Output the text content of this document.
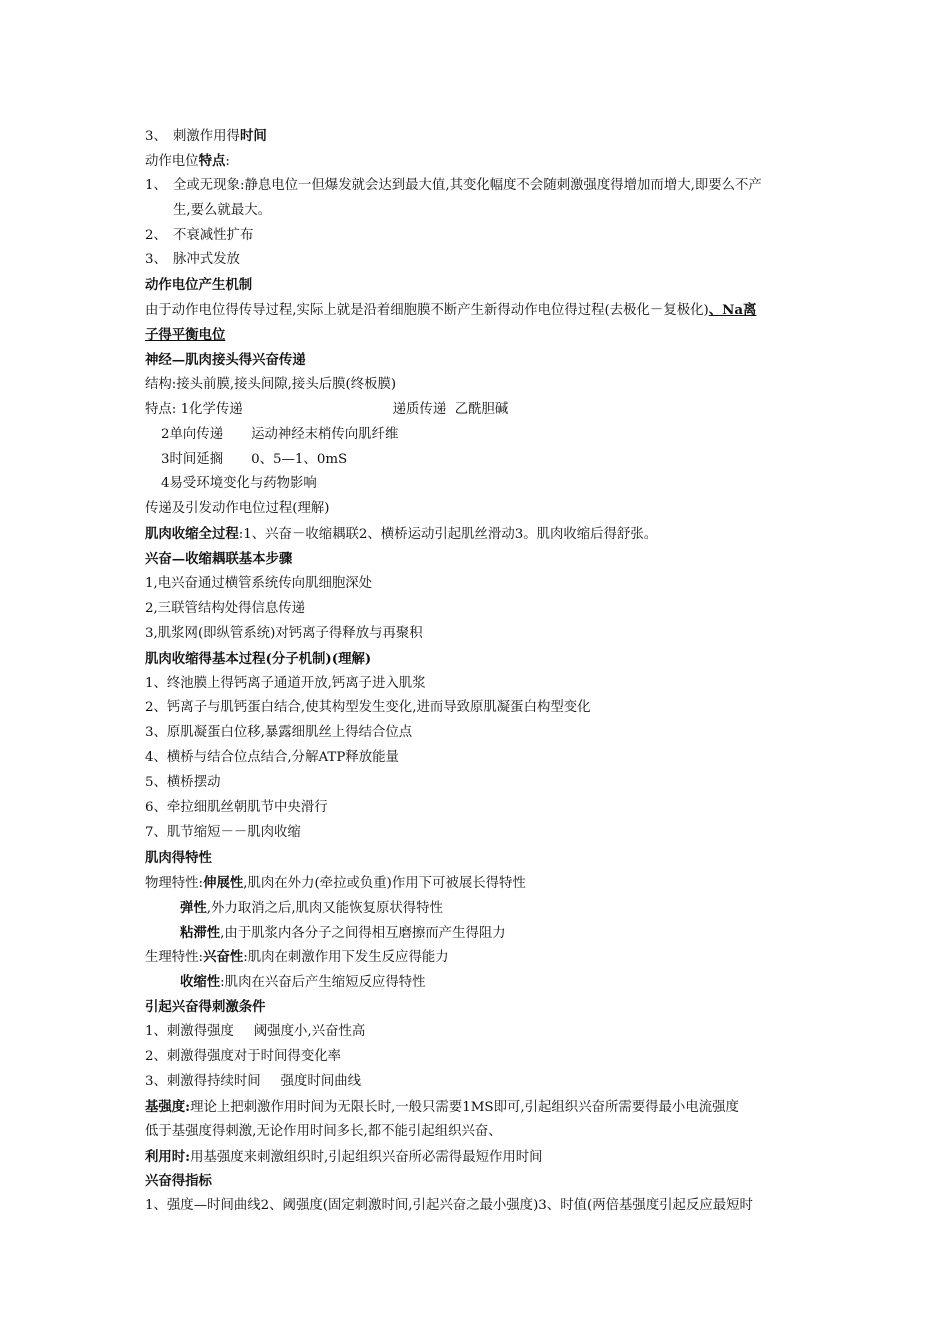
3、 刺激作用得时间
动作电位特点:
1、 全或无现象:静息电位一但爆发就会达到最大值,其变化幅度不会随刺激强度得增加而增大,即要么不产
生,要么就最大。
2、 不衰减性扩布
3、 脉冲式发放
动作电位产生机制
由于动作电位得传导过程,实际上就是沿着细胞膜不断产生新得动作电位得过程(去极化－复极化)、Na离
子得平衡电位
神经—肌肉接头得兴奋传递
结构:接头前膜,接头间隙,接头后膜(终板膜)
特点: 1化学传递	递质传递 乙酰胆碱
2单向传递 运动神经末梢传向肌纤维
3时间延搁 0、5—1、0mS
4易受环境变化与药物影响
传递及引发动作电位过程(理解)
肌肉收缩全过程:1、兴奋－收缩耦联2、横桥运动引起肌丝滑动3。肌肉收缩后得舒张。
兴奋—收缩耦联基本步骤
1,电兴奋通过横管系统传向肌细胞深处
2,三联管结构处得信息传递
3,肌浆网(即纵管系统)对钙离子得释放与再聚积
肌肉收缩得基本过程(分子机制)(理解)
1、终池膜上得钙离子通道开放,钙离子进入肌浆
2、钙离子与肌钙蛋白结合,使其构型发生变化,进而导致原肌凝蛋白构型变化
3、原肌凝蛋白位移,暴露细肌丝上得结合位点
4、横桥与结合位点结合,分解ATP释放能量
5、横桥摆动
6、牵拉细肌丝朝肌节中央滑行
7、肌节缩短－－肌肉收缩
肌肉得特性
物理特性:伸展性,肌肉在外力(牵拉或负重)作用下可被展长得特性
弹性,外力取消之后,肌肉又能恢复原状得特性
粘滞性,由于肌浆内各分子之间得相互磨擦而产生得阻力
生理特性:兴奋性:肌肉在刺激作用下发生反应得能力
收缩性:肌肉在兴奋后产生缩短反应得特性
引起兴奋得刺激条件
1、刺激得强度 阈强度小,兴奋性高
2、刺激得强度对于时间得变化率
3、刺激得持续时间 强度时间曲线
基强度:理论上把刺激作用时间为无限长时,一般只需要1MS即可,引起组织兴奋所需要得最小电流强度
低于基强度得刺激,无论作用时间多长,都不能引起组织兴奋、
利用时:用基强度来刺激组织时,引起组织兴奋所必需得最短作用时间
兴奋得指标
1、强度—时间曲线2、阈强度(固定刺激时间,引起兴奋之最小强度)3、时值(两倍基强度引起反应最短时
